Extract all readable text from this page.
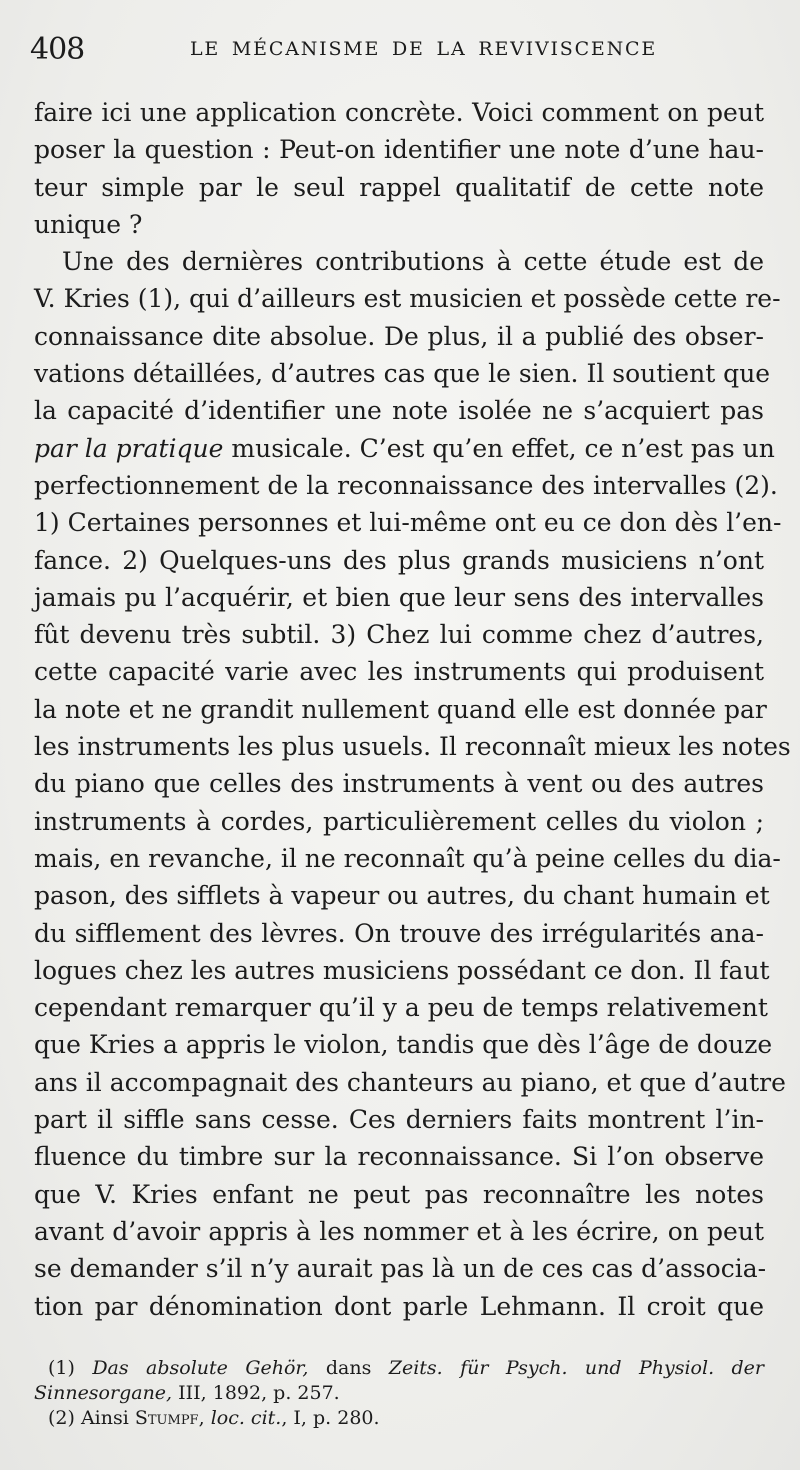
408	LE MÉCANISME DE LA REVIVISCENCE
faire ici une application concrète. Voici comment on peut
poser la question : Peut-on identifier une note d’une hau-
teur simple par le seul rappel qualitatif de cette note
unique ?
Une des dernières contributions à cette étude est de
V. Kries (1), qui d’ailleurs est musicien et possède cette re-
connaissance dite absolue. De plus, il a publié des obser-
vations détaillées, d’autres cas que le sien. Il soutient que
la capacité d’identifier une note isolée ne s’acquiert pas
par la pratique musicale. C’est qu’en effet, ce n’est pas un
perfectionnement de la reconnaissance des intervalles (2).
1) Certaines personnes et lui-même ont eu ce don dès l’en-
fance. 2) Quelques-uns des plus grands musiciens n’ont
jamais pu l’acquérir, et bien que leur sens des intervalles
fût devenu très subtil. 3) Chez lui comme chez d’autres,
cette capacité varie avec les instruments qui produisent
la note et ne grandit nullement quand elle est donnée par
les instruments les plus usuels. Il reconnaît mieux les notes
du piano que celles des instruments à vent ou des autres
instruments à cordes, particulièrement celles du violon ;
mais, en revanche, il ne reconnaît qu’à peine celles du dia-
pason, des sifflets à vapeur ou autres, du chant humain et
du sifflement des lèvres. On trouve des irrégularités ana-
logues chez les autres musiciens possédant ce don. Il faut
cependant remarquer qu’il y a peu de temps relativement
que Kries a appris le violon, tandis que dès l’âge de douze
ans il accompagnait des chanteurs au piano, et que d’autre
part il siffle sans cesse. Ces derniers faits montrent l’in-
fluence du timbre sur la reconnaissance. Si l’on observe
que V. Kries enfant ne peut pas reconnaître les notes
avant d’avoir appris à les nommer et à les écrire, on peut
se demander s’il n’y aurait pas là un de ces cas d’associa-
tion par dénomination dont parle Lehmann. Il croit que
(1) Das absolute Gehör, dans Zeits. für Psych. und Physiol. der
Sinnesorgane, III, 1892, p. 257.
(2) Ainsi Stumpf, loc. cit., I, p. 280.
